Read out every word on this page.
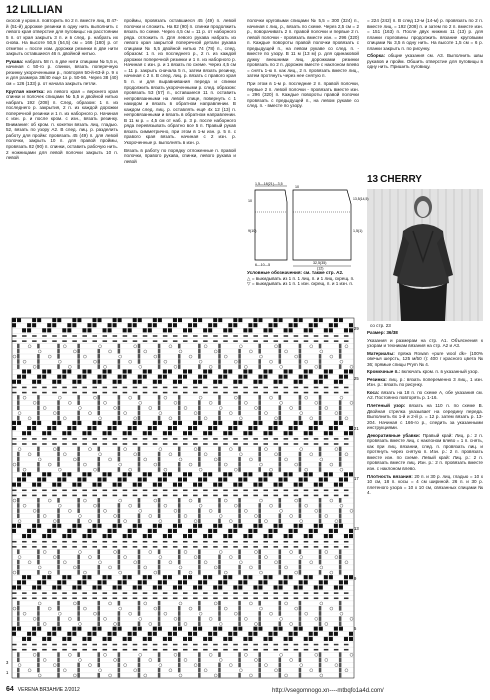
12 LILLIAN

скосов у кром.п. повторить по 2 п. вместе лиц. В 47-й (51-й) дорожке резинки в одну нить выполнить с левого края отверстие для пуговицы: на расстоянии 5 п. от края закрыть 3 п. и в след. р. набрать их снова. На высоте 50,5 (54,5) см = 166 (180) р. от отметки = после изм. дорожки резинки в две нити закрыть оставшиеся 46 п. двойной нитью.

Рукава: набрать 58 п. в две нити спицами № 5,5 и, начиная с 50-го р. спинки, вязать поперечную резинку укороченными р., повторяя 50-й-63-й р. 9 х и для размера 38/40 еще 1х р. 50-56. Через 38 (40) см = 126 (133) р. от начала закрыть петли.

Круглая кокетка: из левого края = верхнего края спинки и полочек спицами № 5,5 и двойной нитью набрать 192 (208) п. След. образом: 1 п. из последнего р. закрытия, 2 п. из каждой дорожки поперечной резинки и 1 п. из наборного р. Начиная с изн. р. и после кром. с изн., вязать резинку. Внимание: об кром. п. кокетки вязать лиц. гладью. 52, вязать по узору А2. В след. лиц. р. разделить работу для пройм: провязать 45 (49) п. для левой полочки, закрыть 10 п. для правой проймы, провязать 82 (90) п. спинки, оставить рабочую нить. 2 ножницами для левой полочки закрыть 10 п. левой

проймы, провязать оставшиеся 45 (49) п. левой полочки и сложить. На 82 (90) п. спинки продолжить вязать по схеме. Через 4,5 см = 11 р. от наборного ряда. отложить п. Для левого рукава набрать из левого края закрытой поперечной детали рукава спицами № 5,5 двойной нитью 74 (78) п., след. образом: 1 п. из последнего р., 2 п. из каждой дорожки поперечной резинки и 1 п. из наборного р. Начиная с изн. р. и 1 вязать по схеме. Через 4,5 см = 11 р. закрыть сначала 5 п., затем вязать резинку, начиная с 2 п. В след. лиц. р. вязать с правого края 5 п. и для выравнивания переда и спинки продолжить вязать укороченными р. след. образом: провязать 53 (57) п., оставшиеся 11 п. оставить непровязанными на левой спице, повернуть с 1 накидом и вязать в обратном направлении. В каждом след. лиц. р. оставлять ещё 4х 12 (13) п. непровязанными и вязать в обратном направлении. В 11 м р. = 4,5 см от наб. р. 3 р. после наборного ряда перевязывать обратно все 5 п. Правый рукав вязать симметрично, при этом в 1-м изн. р. 5 п. с правого края вязать. начиная с 2 изн. р. Укороченные р. выполнять в изн. р.

Вязать в работу по порядку отложенные п. правой полочки, правого рукава, спинки, левого рукава и левой

полочки круговыми спицами № 5,5 = 300 (324) п., начиная с лиц. р., вязать по схеме. Через 2,5 см = 2 р., поворачивать 2 п. правой полочки и первые 2 п. левой полочки - провязать вместе изн. = 296 (320) п. Каждые повороты правой полочки провязать с предыдущей п., на левом рукаве со след. п. - вместе по узору. В 11 м (13 м) р. для одинаковой дужку внешними лиц. дорожками резинки провязать по 2 п. дорожек вместе с наклоном влево = снять 1-ю п. как лиц., 2 п. провязать вместе лиц., затем протянуть через нее снятую п.

При этом в 1-м р. последние 2 п. правой полочки, первые 2 п. левой полочки - провязать вместе изн. = 296 (320) п. Каждые повороты правой полочки провязать с предыдущей п., на левом рукаве со след. п. - вместе по узору.

= 224 (242) п. В след 12-м (14-м) р. провязать по 2 п. вместе лиц. = 192 (208) п. и затем по 2 п. вместе изн. = 151 (163) п. После двух нижних 11 (13) р. для планки горловины продолжить вязание круговыми спицами № 3,5 в одну нить. На высоте 1,5 см = 6 р. планки закрыть п. по рисунку.

Сборка: общие указания см. А3. Выполнить швы рукавов и пройм. Обшить отверстие для пуговицы в одну нить. Пришить пуговицу.

13 CHERRY
со стр. 23

Размер: 36/38

Указания и размерам на стр. А1. Объяснения к узорам и техникам вязания на стр. А2 и А3.

Материалы: пряжа Rowan «pure wool dk» (100% овечья шерсть, 125 м/50 г): 400 г красного цвета № 36; прямые спицы Prym № 4.

Кромочные п.: включать кром. п. в указанный узор.

Резинка: лиц. р.: вязать попеременно 3 лиц., 1 изн. Изн. р.: вязать по рисунку.

Коса: вязать на 18 п. по схеме А, обе указания см. А2. Постоянно повторять р. 1-16.

Плетеный узор: вязать на 110 п. по схеме В. Двойная стрелка указывает на середину переда. Выполнить 6х 1-й и 2-й р. = 12 р. затем вязать р. 13-204. Начиная с 166-го р., следить за указанными инструкциями.

Декоративные убавки: Правый край: Лиц. р.: 2 п. провязать вместе лиц. с наклоном влево = 1 п. снять, как при лиц. вязании, след. п. провязать лиц. и протянуть через снятую п. Изн. р.: 2 п. провязать вместе изн. по схеме. Левый край: Лиц. р.: 2 п. провязать вместе лиц. Изн. р.: 2 п. провязать вместе изн. с наклоном влево.

Плотность вязания: 20 п. и 30 р. лиц. гладью = 10 х 10 см, 18 п. косы = 4 см шириной. 26 п. и 30 р. плетеного узора = 10 х 10 см, связанных спицами № 4.

1,5—18(21)—3,5
10
10	13,5(14,5)
9(10)	1,5(1)
6—10—5	32,5(35)
(12)
Условные обозначения: см. также стр. А2.
△ = выкидывать из 1 п. 1 лиц. п. и 1 лиц. скрещ. п.
▽ = выкидывать из 1 п. 1 изн. скрещ. п. и 1 изн. п.
29
25
21
17
13
9
5
3
1
64 VERENA ВЯЗАНИЕ 2/2012	http://vsegomnogo.xn----mtbqfo1a4d.com/
